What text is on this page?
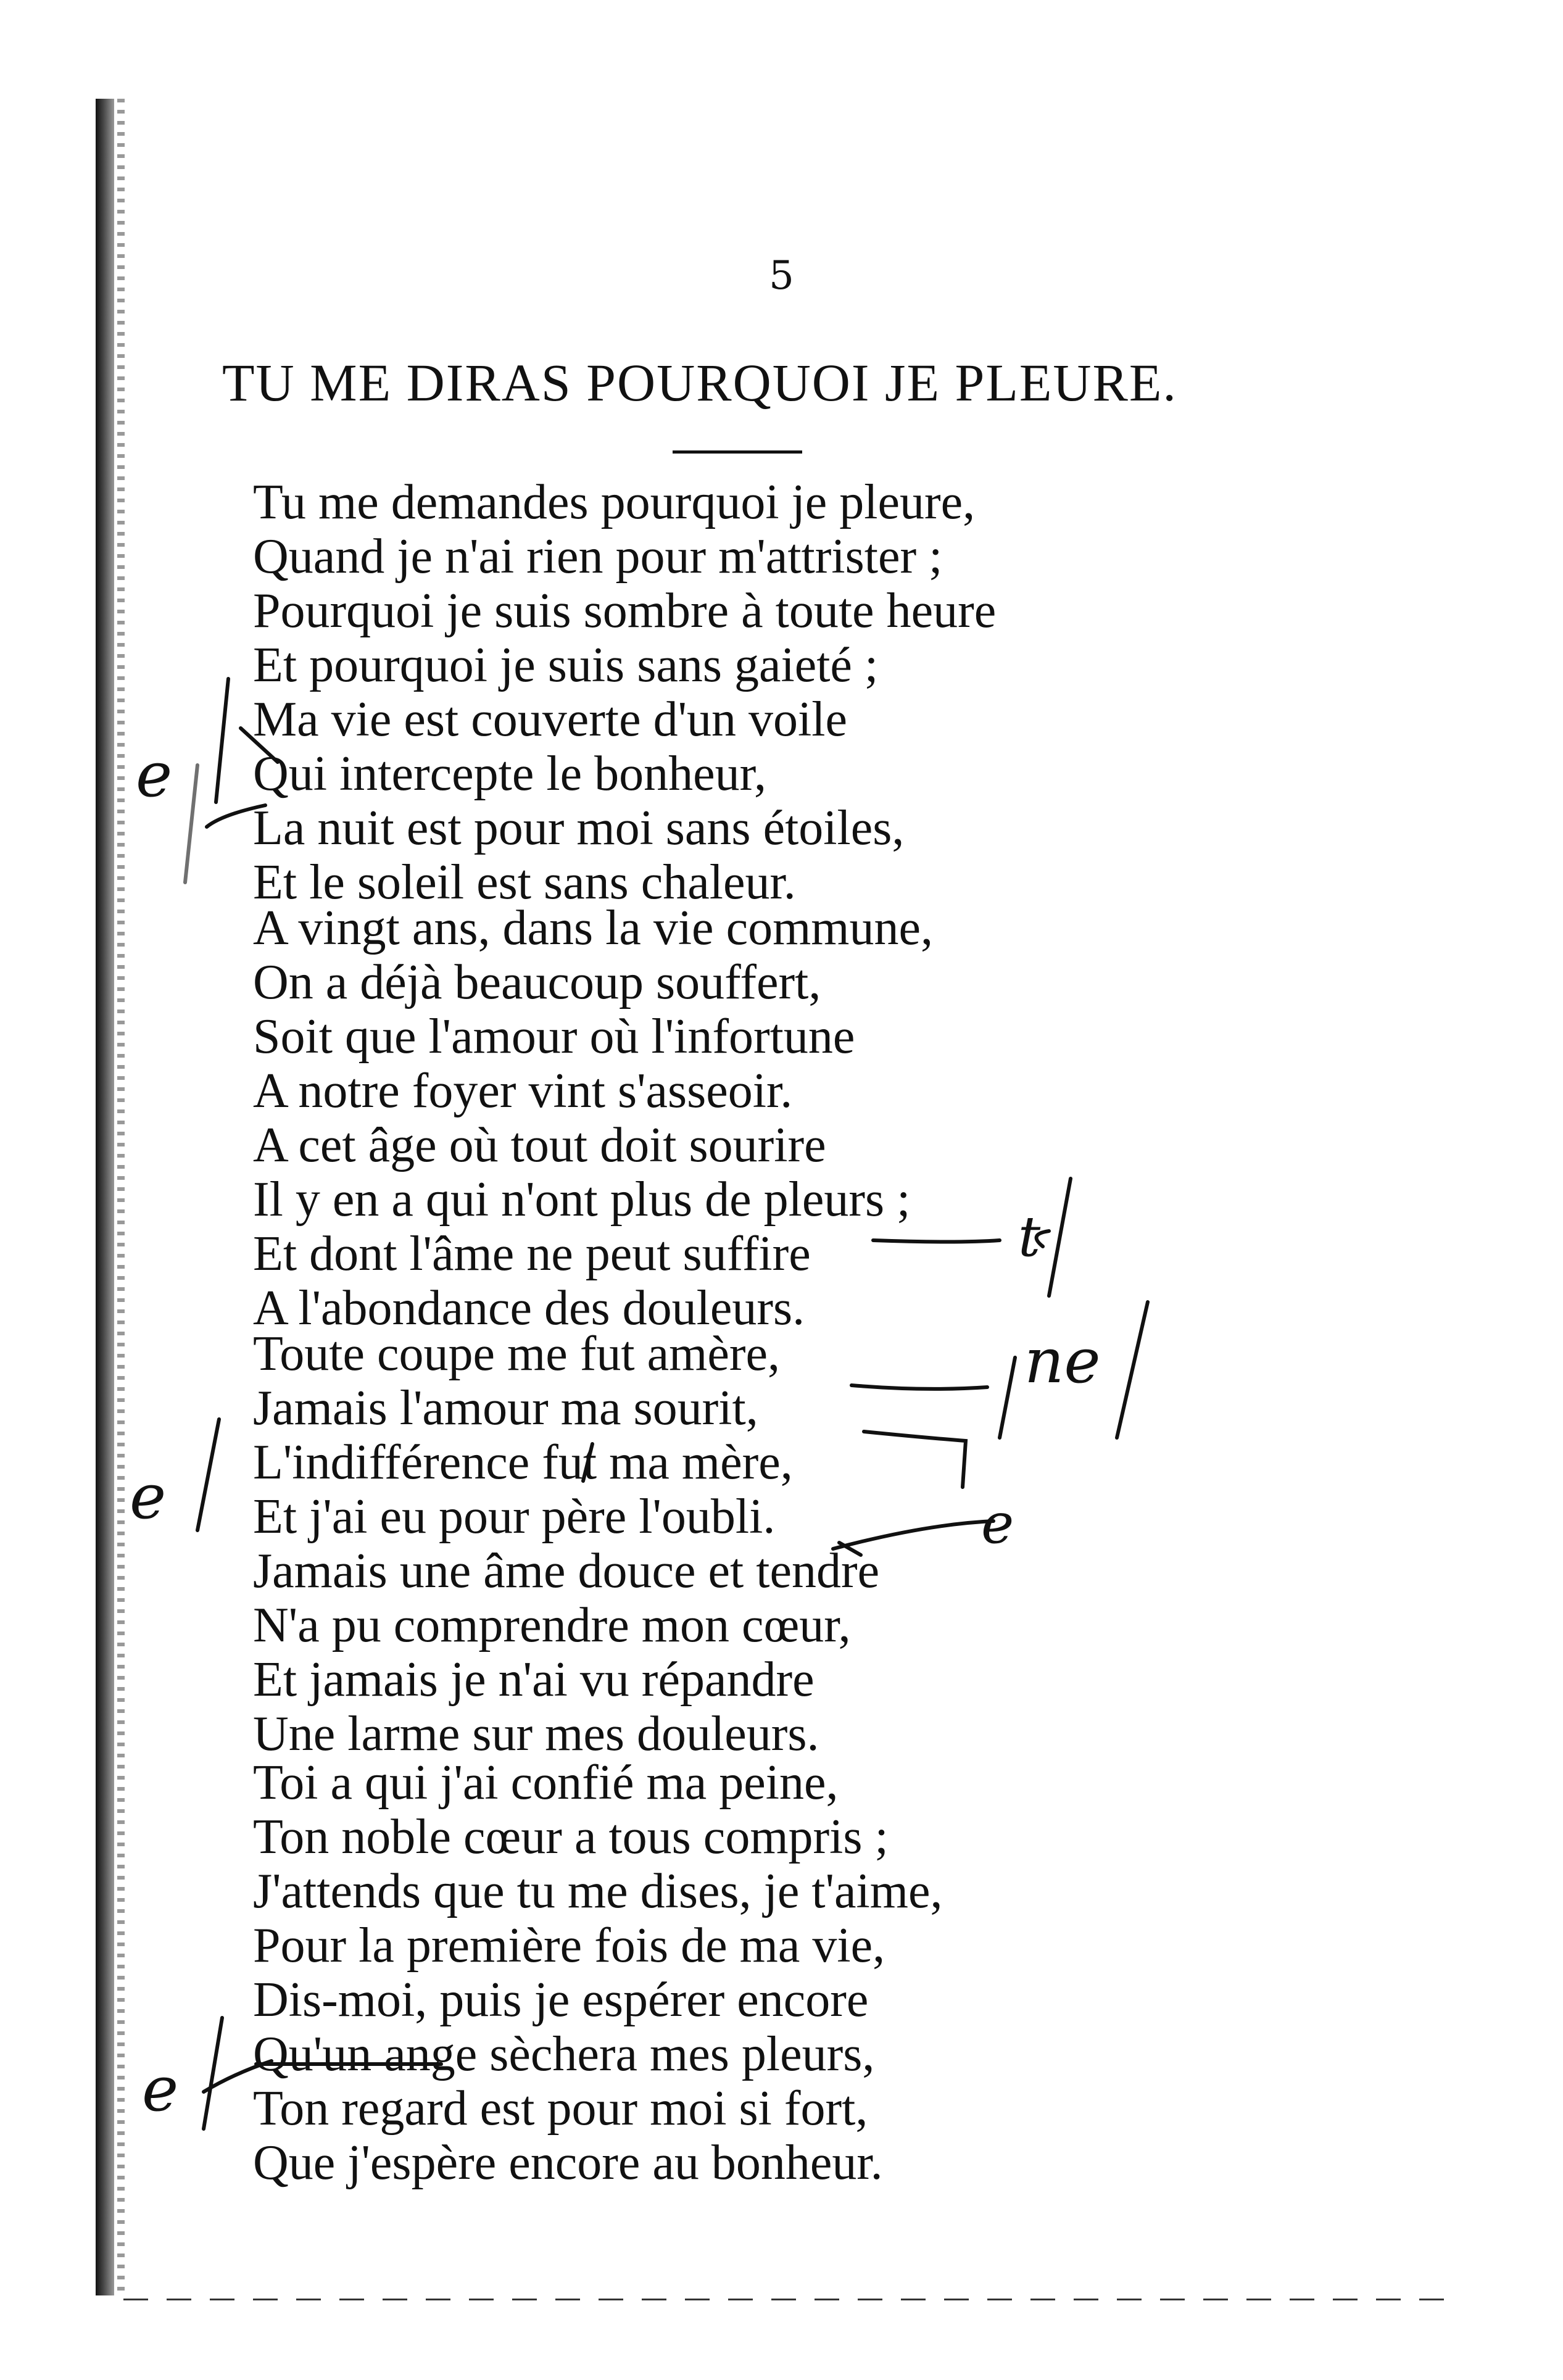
5
TU ME DIRAS POURQUOI JE PLEURE.
Tu me demandes pourquoi je pleure,
Quand je n'ai rien pour m'attrister ;
Pourquoi je suis sombre à toute heure
Et pourquoi je suis sans gaieté ;
Ma vie est couverte d'un voile
Qui intercepte le bonheur,
La nuit est pour moi sans étoiles,
Et le soleil est sans chaleur.
A vingt ans, dans la vie commune,
On a déjà beaucoup souffert,
Soit que l'amour où l'infortune
A notre foyer vint s'asseoir.
A cet âge où tout doit sourire
Il y en a qui n'ont plus de pleurs ;
Et dont l'âme ne peut suffire
A l'abondance des douleurs.
Toute coupe me fut amère,
Jamais l'amour ma sourit,
L'indifférence fut ma mère,
Et j'ai eu pour père l'oubli.
Jamais une âme douce et tendre
N'a pu comprendre mon cœur,
Et jamais je n'ai vu répandre
Une larme sur mes douleurs.
Toi a qui j'ai confié ma peine,
Ton noble cœur a tous compris ;
J'attends que tu me dises, je t'aime,
Pour la première fois de ma vie,
Dis-moi, puis je espérer encore
Qu'un ange sèchera mes pleurs,
Ton regard est pour moi si fort,
Que j'espère encore au bonheur.
e
ne
e
t
e
e
